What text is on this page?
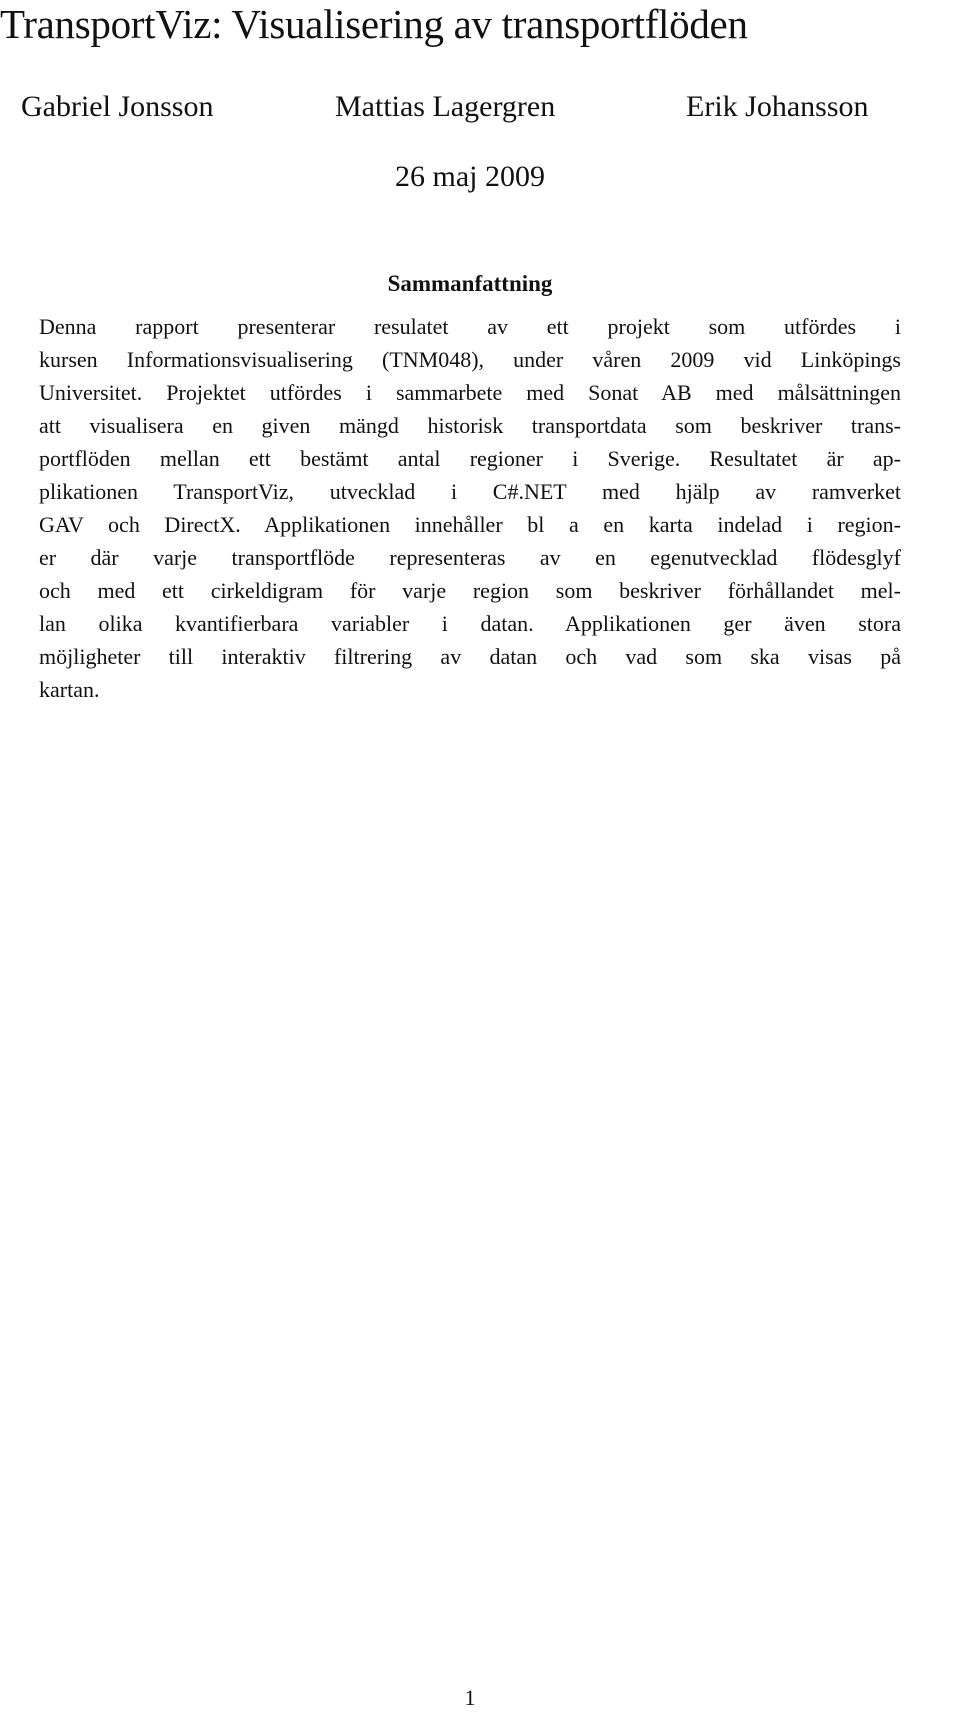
TransportViz: Visualisering av transportflöden
Gabriel Jonsson	Mattias Lagergren	Erik Johansson
26 maj 2009
Sammanfattning
Denna rapport presenterar resulatet av ett projekt som utfördes i
kursen Informationsvisualisering (TNM048), under våren 2009 vid Linköpings
Universitet. Projektet utfördes i sammarbete med Sonat AB med målsättningen
att visualisera en given mängd historisk transportdata som beskriver trans-
portflöden mellan ett bestämt antal regioner i Sverige. Resultatet är ap-
plikationen TransportViz, utvecklad i C#.NET med hjälp av ramverket
GAV och DirectX. Applikationen innehåller bl a en karta indelad i region-
er där varje transportflöde representeras av en egenutvecklad flödesglyf
och med ett cirkeldigram för varje region som beskriver förhållandet mel-
lan olika kvantifierbara variabler i datan. Applikationen ger även stora
möjligheter till interaktiv filtrering av datan och vad som ska visas på
kartan.
1
